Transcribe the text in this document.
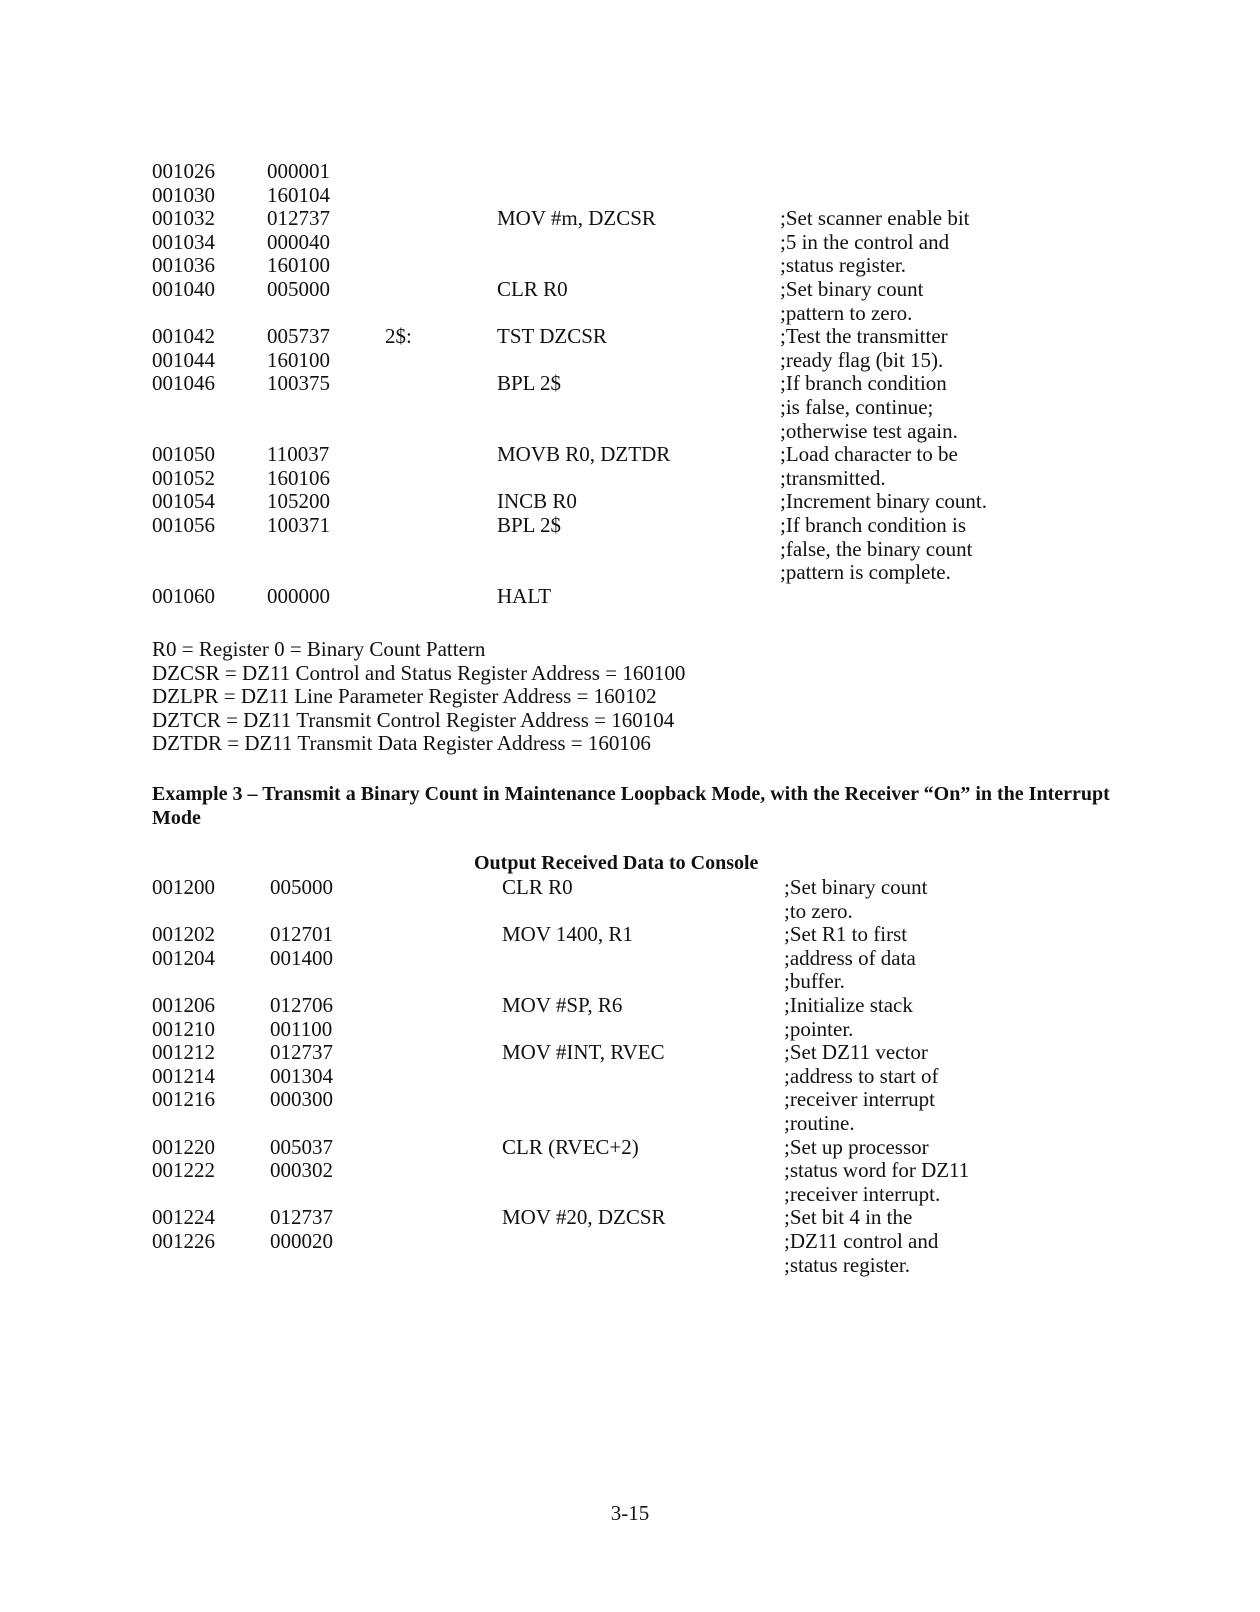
001026 000001
001030 160104
001032 012737	MOV #m, DZCSR	;Set scanner enable bit
001034 000040	;5 in the control and
001036 160100	;status register.
001040 005000	CLR R0	;Set binary count
;pattern to zero.
001042 005737	2$:	TST DZCSR	;Test the transmitter
001044 160100	;ready flag (bit 15).
001046 100375	BPL 2$	;If branch condition
;is false, continue;
;otherwise test again.
001050 110037	MOVB R0, DZTDR	;Load character to be
001052 160106	;transmitted.
001054 105200	INCB R0	;Increment binary count.
001056 100371	BPL 2$	;If branch condition is
;false, the binary count
;pattern is complete.
001060 000000	HALT
R0 = Register 0 = Binary Count Pattern
DZCSR = DZ11 Control and Status Register Address = 160100
DZLPR = DZ11 Line Parameter Register Address = 160102
DZTCR = DZ11 Transmit Control Register Address = 160104
DZTDR = DZ11 Transmit Data Register Address = 160106
Example 3 – Transmit a Binary Count in Maintenance Loopback Mode, with the Receiver “On” in the Interrupt Mode
Output Received Data to Console
001200	005000	CLR R0	;Set binary count
;to zero.
001202	012701	MOV 1400, R1	;Set R1 to first
001204	001400	;address of data
;buffer.
001206	012706	MOV #SP, R6	;Initialize stack
001210	001100	;pointer.
001212	012737	MOV #INT, RVEC	;Set DZ11 vector
001214	001304	;address to start of
001216	000300	;receiver interrupt
;routine.
001220	005037	CLR (RVEC+2)	;Set up processor
001222	000302	;status word for DZ11
;receiver interrupt.
001224	012737	MOV #20, DZCSR	;Set bit 4 in the
001226	000020	;DZ11 control and
;status register.
3-15
